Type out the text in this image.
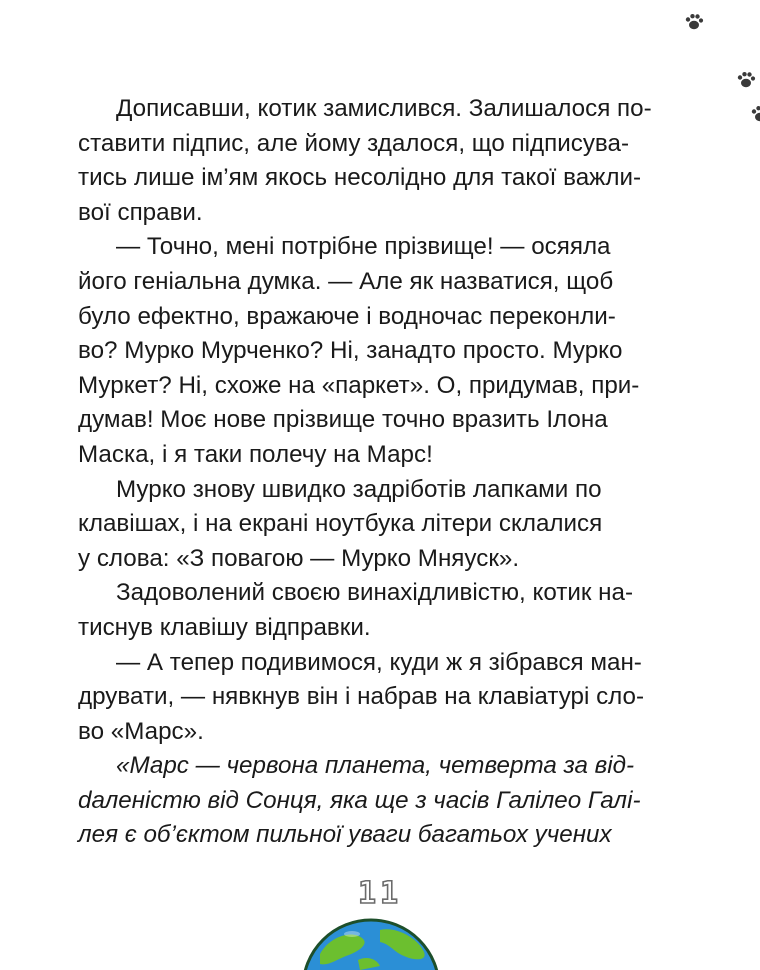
Дописавши, котик замислився. Залишалося по-
ставити підпис, але йому здалося, що підписува-
тись лише ім’ям якось несолідно для такої важли-
вої справи.

— Точно, мені потрібне прізвище! — осяяла
його геніальна думка. — Але як назватися, щоб
було ефектно, вражаюче і водночас переконли-
во? Мурко Мурченко? Ні, занадто просто. Мурко
Муркет? Ні, схоже на «паркет». О, придумав, при-
думав! Моє нове прізвище точно вразить Ілона
Маска, і я таки полечу на Марс!

Мурко знову швидко задріботів лапками по
клавішах, і на екрані ноутбука літери склалися
у слова: «З повагою — Мурко Мняуск».

Задоволений своєю винахідливістю, котик на-
тиснув клавішу відправки.

— А тепер подивимося, куди ж я зібрався ман-
друвати, — нявкнув він і набрав на клавіатурі сло-
во «Марс».

«Марс — червона планета, четверта за від-
dаленістю від Сонця, яка ще з часів Галілео Галі-
лея є об’єктом пильної уваги багатьох учених

11
